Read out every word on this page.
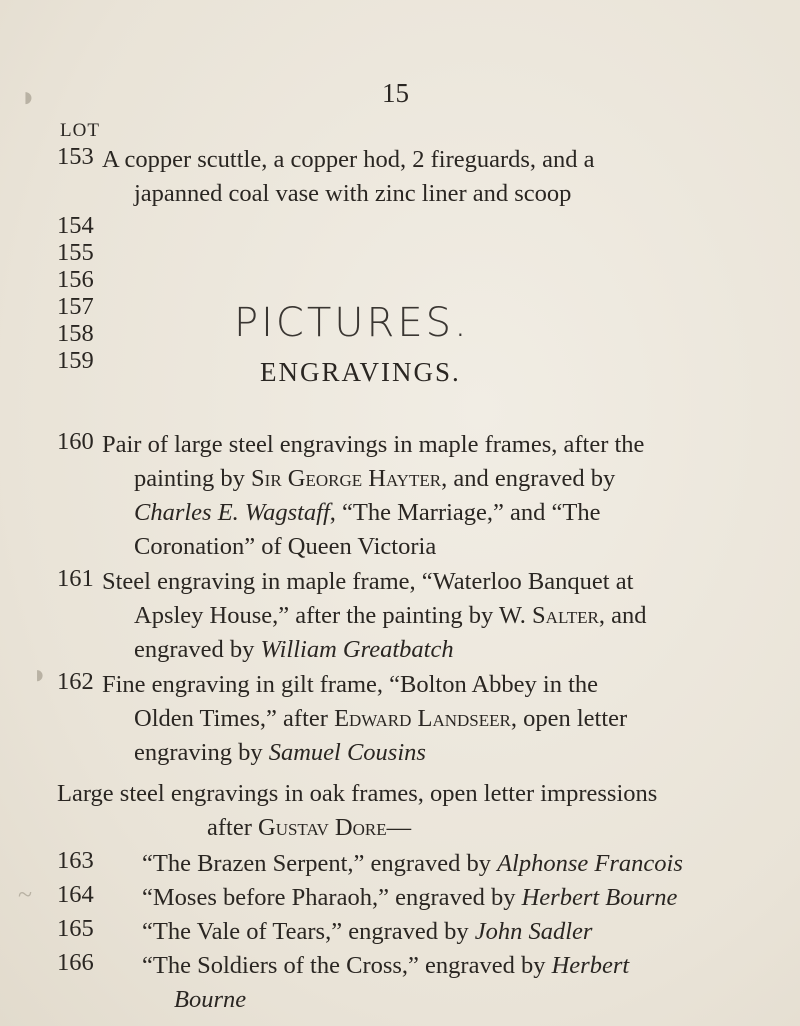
◗
◗
~
15
LOT
153 A copper scuttle, a copper hod, 2 fireguards, and a
japanned coal vase with zinc liner and scoop
154
155
156
157
158
159
PICTURES.
ENGRAVINGS.
160 Pair of large steel engravings in maple frames, after the
painting by Sir George Hayter, and engraved by
Charles E. Wagstaff, “The Marriage,” and “The
Coronation” of Queen Victoria
161 Steel engraving in maple frame, “Waterloo Banquet at
Apsley House,” after the painting by W. Salter, and
engraved by William Greatbatch
162 Fine engraving in gilt frame, “Bolton Abbey in the
Olden Times,” after Edward Landseer, open letter
engraving by Samuel Cousins
Large steel engravings in oak frames, open letter impressions
after Gustav Dore—
163 “The Brazen Serpent,” engraved by Alphonse Francois
164 “Moses before Pharaoh,” engraved by Herbert Bourne
165 “The Vale of Tears,” engraved by John Sadler
166 “The Soldiers of the Cross,” engraved by Herbert
Bourne
